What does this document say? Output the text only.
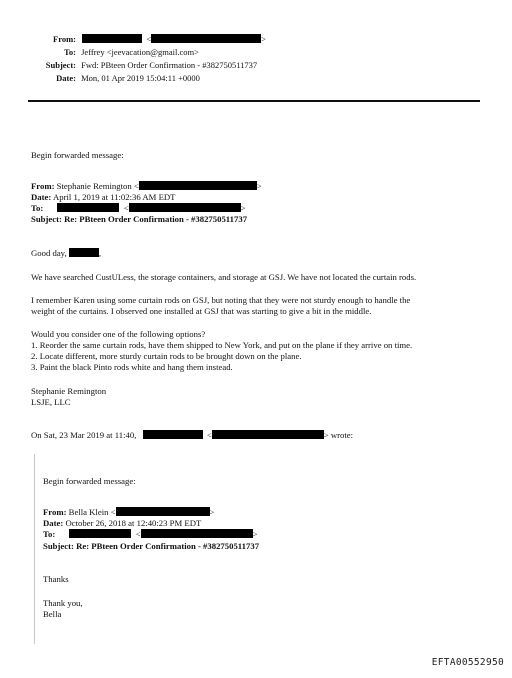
From:	<	>
To: Jeffrey <jeevacation@gmail.com>
Subject: Fwd: PBteen Order Confirmation - #382750511737
Date: Mon, 01 Apr 2019 15:04:11 +0000
Begin forwarded message:
From: Stephanie Remington <	>
Date: April 1, 2019 at 11:02:36 AM EDT
To:	<	>
Subject: Re: PBteen Order Confirmation - #382750511737
Good day,	,
We have searched CustULess, the storage containers, and storage at GSJ. We have not located the curtain rods.
I remember Karen using some curtain rods on GSJ, but noting that they were not sturdy enough to handle the
weight of the curtains. I observed one installed at GSJ that was starting to give a bit in the middle.
Would you consider one of the following options?
1. Reorder the same curtain rods, have them shipped to New York, and put on the plane if they arrive on time.
2. Locate different, more sturdy curtain rods to be brought down on the plane.
3. Paint the black Pinto rods white and hang them instead.
Stephanie Remington
LSJE, LLC
On Sat, 23 Mar 2019 at 11:40,	<	> wrote:
Begin forwarded message:
From: Bella Klein <	>
Date: October 26, 2018 at 12:40:23 PM EDT
To:	<	>
Subject: Re: PBteen Order Confirmation - #382750511737
Thanks
Thank you,
Bella
EFTA00552950
